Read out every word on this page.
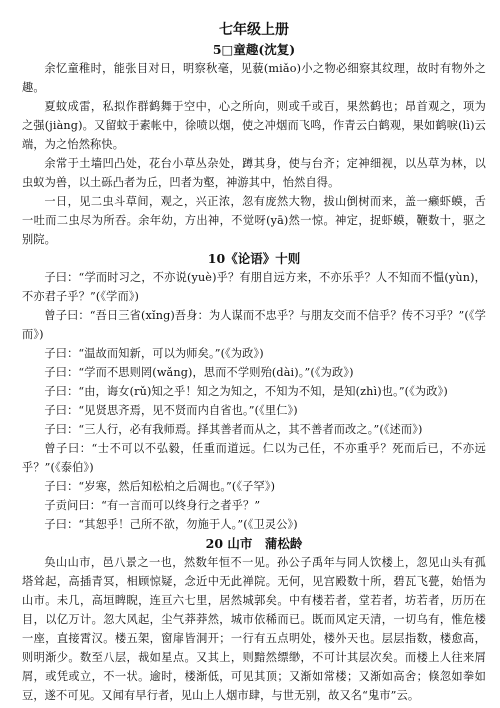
七年级上册
5□童趣(沈复)

余忆童稚时，能张目对日，明察秋毫，见藐(miǎo)小之物必细察其纹理，故时有物外之趣。

夏蚊成雷，私拟作群鹤舞于空中，心之所向，则或千或百，果然鹤也；昂首观之，项为之强(jiàng)。又留蚊于素帐中，徐喷以烟，使之冲烟而飞鸣，作青云白鹤观，果如鹤唳(lì)云端，为之怡然称快。

余常于土墙凹凸处，花台小草丛杂处，蹲其身，使与台齐；定神细视，以丛草为林，以虫蚁为兽，以土砾凸者为丘，凹者为壑，神游其中，怡然自得。

一日，见二虫斗草间，观之，兴正浓，忽有庞然大物，拔山倒树而来，盖一癞虾蟆，舌一吐而二虫尽为所吞。余年幼，方出神，不觉呀(yā)然一惊。神定，捉虾蟆，鞭数十，驱之别院。

10《论语》十则

子曰：“学而时习之，不亦说(yuè)乎？有朋自远方来，不亦乐乎？人不知而不愠(yùn)，不亦君子乎？”(《学而》)

曾子曰：“吾日三省(xǐng)吾身：为人谋而不忠乎？与朋友交而不信乎？传不习乎？”(《学而》)

子曰：“温故而知新，可以为师矣。”(《为政》)

子曰：“学而不思则罔(wǎng)，思而不学则殆(dài)。”(《为政》)

子曰：“由，诲女(rǔ)知之乎！知之为知之，不知为不知，是知(zhì)也。”(《为政》)

子曰：“见贤思齐焉，见不贤而内自省也。”(《里仁》)

子曰：“三人行，必有我师焉。择其善者而从之，其不善者而改之。”(《述而》)

曾子曰：“士不可以不弘毅，任重而道远。仁以为己任，不亦重乎？死而后已，不亦远乎？”(《泰伯》)

子曰：“岁寒，然后知松柏之后凋也。”(《子罕》)

子贡问曰：“有一言而可以终身行之者乎？”

子曰：“其恕乎！己所不欲，勿施于人。”(《卫灵公》)

20 山市　蒲松龄

奂山山市，邑八景之一也，然数年恒不一见。孙公子禹年与同人饮楼上，忽见山头有孤塔耸起，高插青冥，相顾惊疑，念近中无此禅院。无何，见宫殿数十所，碧瓦飞甍，始悟为山市。未几，高垣睥睨，连亘六七里，居然城郭矣。中有楼若者，堂若者，坊若者，历历在目，以亿万计。忽大风起，尘气莽莽然，城市依稀而已。既而风定天清，一切乌有，惟危楼一座，直接霄汉。楼五架，窗扉皆洞开；一行有五点明处，楼外天也。层层指数，楼愈高，则明渐少。数至八层，裁如星点。又其上，则黯然缥缈，不可计其层次矣。而楼上人往来屑屑，或凭或立，不一状。逾时，楼渐低，可见其顶；又渐如常楼；又渐如高舍；倏忽如拳如豆，遂不可见。又闻有早行者，见山上人烟市肆，与世无别，故又名“鬼市”云。
